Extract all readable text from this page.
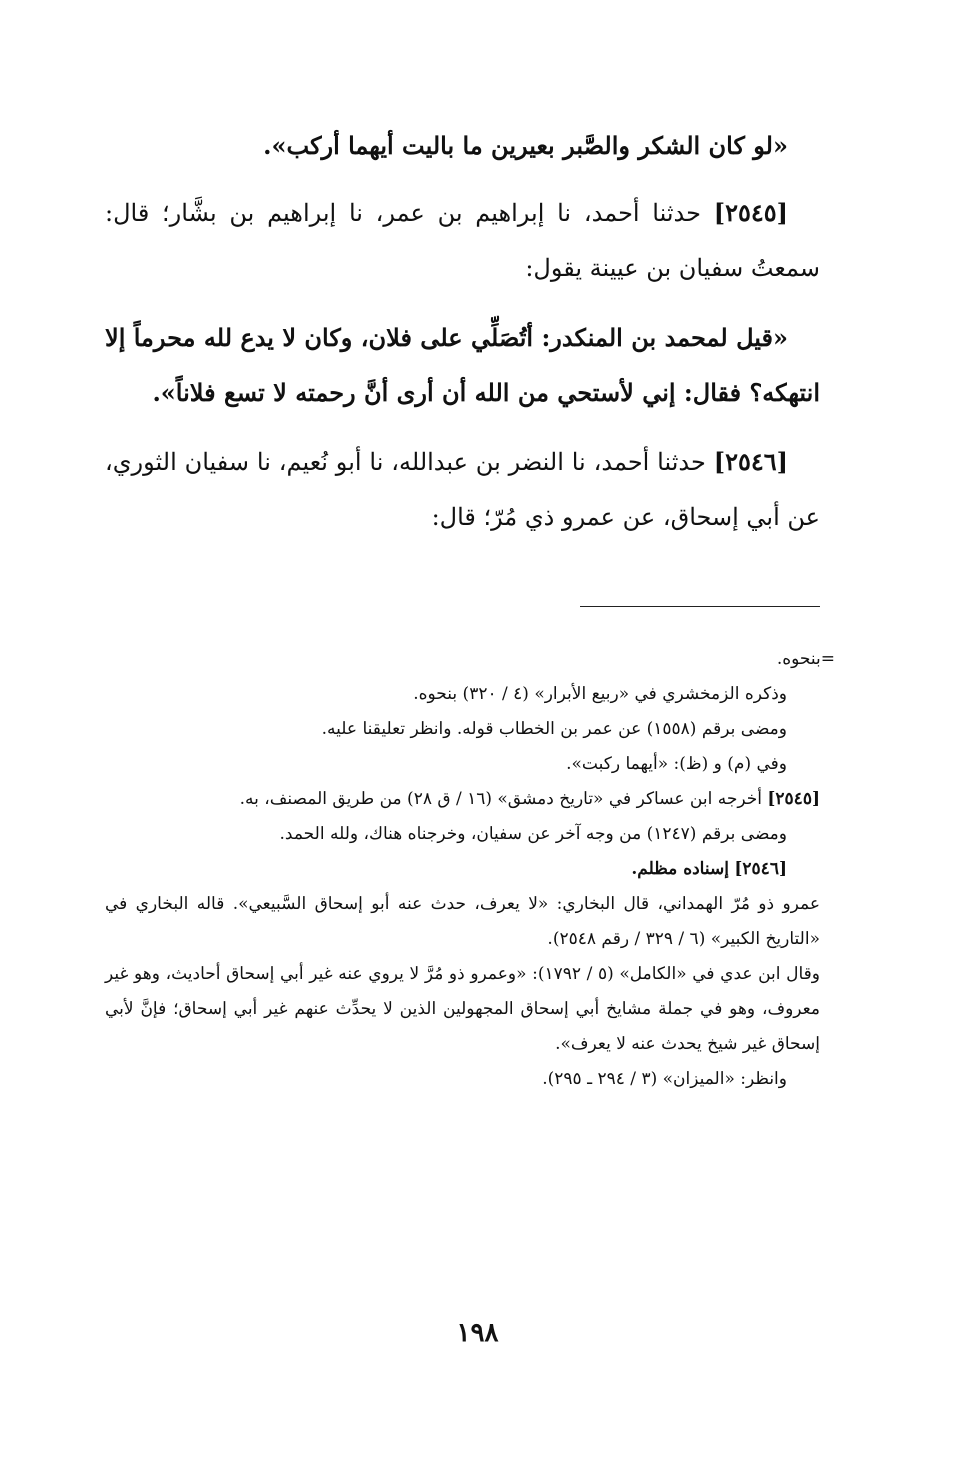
«لو كان الشكر والصَّبر بعيرين ما باليت أيهما أركب».

[٢٥٤٥] حدثنا أحمد، نا إبراهيم بن عمر، نا إبراهيم بن بشَّار؛ قال: سمعتُ سفيان بن عيينة يقول:

«قيل لمحمد بن المنكدر: أتُصَلِّي على فلان، وكان لا يدع لله محرماً إلا انتهكه؟ فقال: إني لأستحي من الله أن أرى أنَّ رحمته لا تسع فلاناً».

[٢٥٤٦] حدثنا أحمد، نا النضر بن عبدالله، نا أبو نُعيم، نا سفيان الثوري، عن أبي إسحاق، عن عمرو ذي مُرّ؛ قال:

=بنحوه.

وذكره الزمخشري في «ربيع الأبرار» (٤ / ٣٢٠) بنحوه.

ومضى برقم (١٥٥٨) عن عمر بن الخطاب قوله. وانظر تعليقنا عليه.

وفي (م) و (ظ): «أيهما ركبت».

[٢٥٤٥] أخرجه ابن عساكر في «تاريخ دمشق» (١٦ / ق ٢٨) من طريق المصنف، به.

ومضى برقم (١٢٤٧) من وجه آخر عن سفيان، وخرجناه هناك، ولله الحمد.

[٢٥٤٦] إسناده مظلم.

عمرو ذو مُرّ الهمداني، قال البخاري: «لا يعرف، حدث عنه أبو إسحاق السَّبيعي». قاله البخاري في «التاريخ الكبير» (٦ / ٣٢٩ / رقم ٢٥٤٨).

وقال ابن عدي في «الكامل» (٥ / ١٧٩٢): «وعمرو ذو مُرَّ لا يروي عنه غير أبي إسحاق أحاديث، وهو غير معروف، وهو في جملة مشايخ أبي إسحاق المجهولين الذين لا يحدِّث عنهم غير أبي إسحاق؛ فإنَّ لأبي إسحاق غير شيخ يحدث عنه لا يعرف».

وانظر: «الميزان» (٣ / ٢٩٤ ـ ٢٩٥).

١٩٨
